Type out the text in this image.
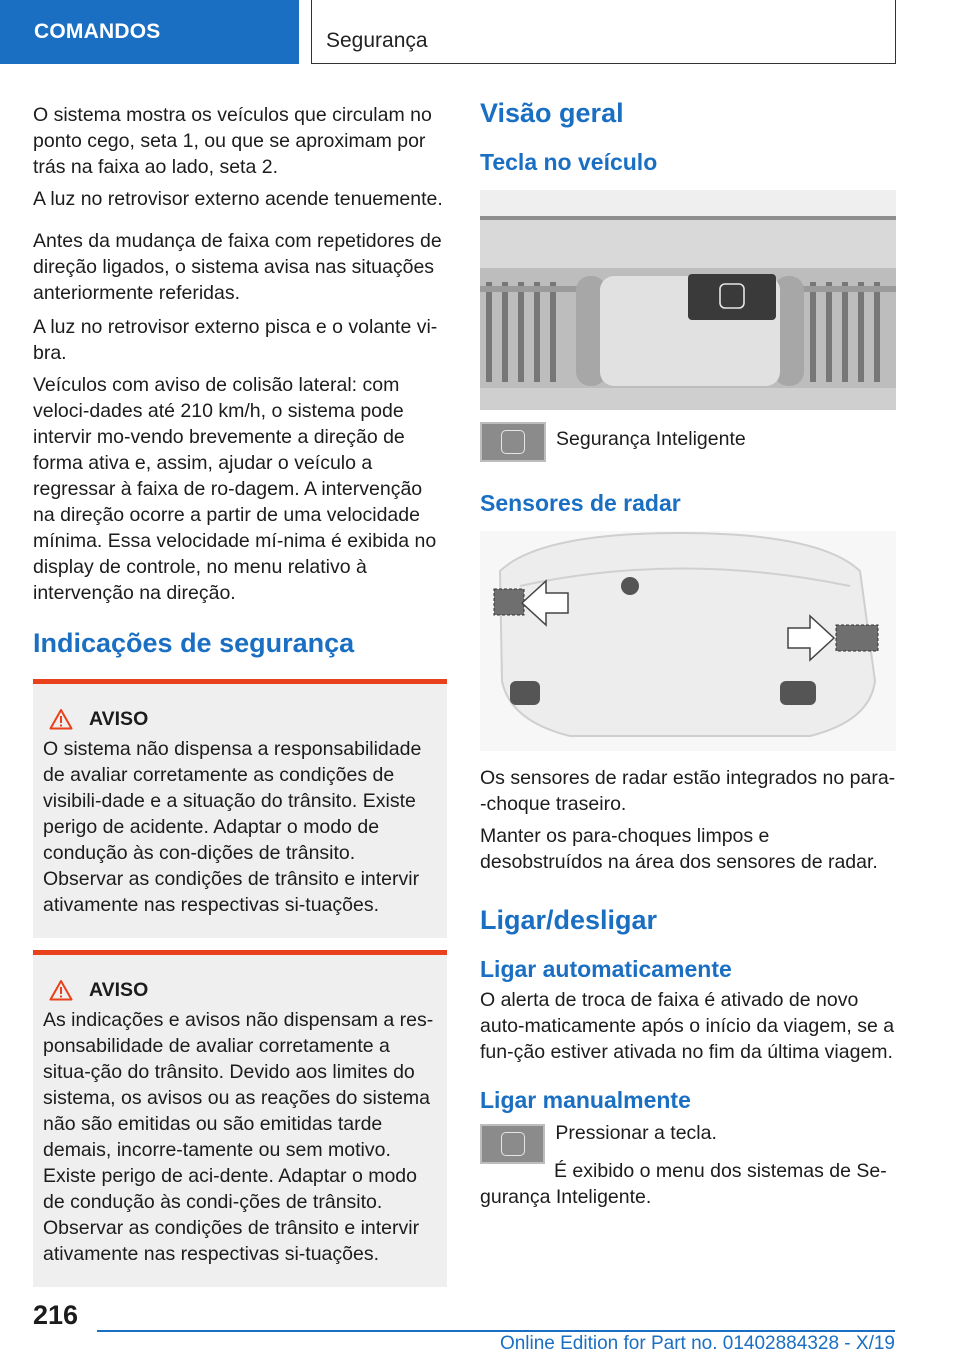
COMANDOS	Segurança

O sistema mostra os veículos que circulam no ponto cego, seta 1, ou que se aproximam por trás na faixa ao lado, seta 2.

A luz no retrovisor externo acende tenuemente.

Antes da mudança de faixa com repetidores de direção ligados, o sistema avisa nas situações anteriormente referidas.

A luz no retrovisor externo pisca e o volante vi-bra.

Veículos com aviso de colisão lateral: com veloci-dades até 210 km/h, o sistema pode intervir mo-vendo brevemente a direção de forma ativa e, assim, ajudar o veículo a regressar à faixa de ro-dagem. A intervenção na direção ocorre a partir de uma velocidade mínima. Essa velocidade mí-nima é exibida no display de controle, no menu relativo à intervenção na direção.

Indicações de segurança
AVISO

O sistema não dispensa a responsabilidade de avaliar corretamente as condições de visibili-dade e a situação do trânsito. Existe perigo de acidente. Adaptar o modo de condução às con-dições de trânsito. Observar as condições de trânsito e intervir ativamente nas respectivas si-tuações.

AVISO

As indicações e avisos não dispensam a res-ponsabilidade de avaliar corretamente a situa-ção do trânsito. Devido aos limites do sistema, os avisos ou as reações do sistema não são emitidas ou são emitidas tarde demais, incorre-tamente ou sem motivo. Existe perigo de aci-dente. Adaptar o modo de condução às condi-ções de trânsito. Observar as condições de trânsito e intervir ativamente nas respectivas si-tuações.

Visão geral
Tecla no veículo

Segurança Inteligente

Sensores de radar

Os sensores de radar estão integrados no para--choque traseiro.

Manter os para-choques limpos e desobstruídos na área dos sensores de radar.

Ligar/desligar
Ligar automaticamente

O alerta de troca de faixa é ativado de novo auto-maticamente após o início da viagem, se a fun-ção estiver ativada no fim da última viagem.

Ligar manualmente

Pressionar a tecla.

É exibido o menu dos sistemas de Se-gurança Inteligente.

216
Online Edition for Part no. 01402884328 - X/19
